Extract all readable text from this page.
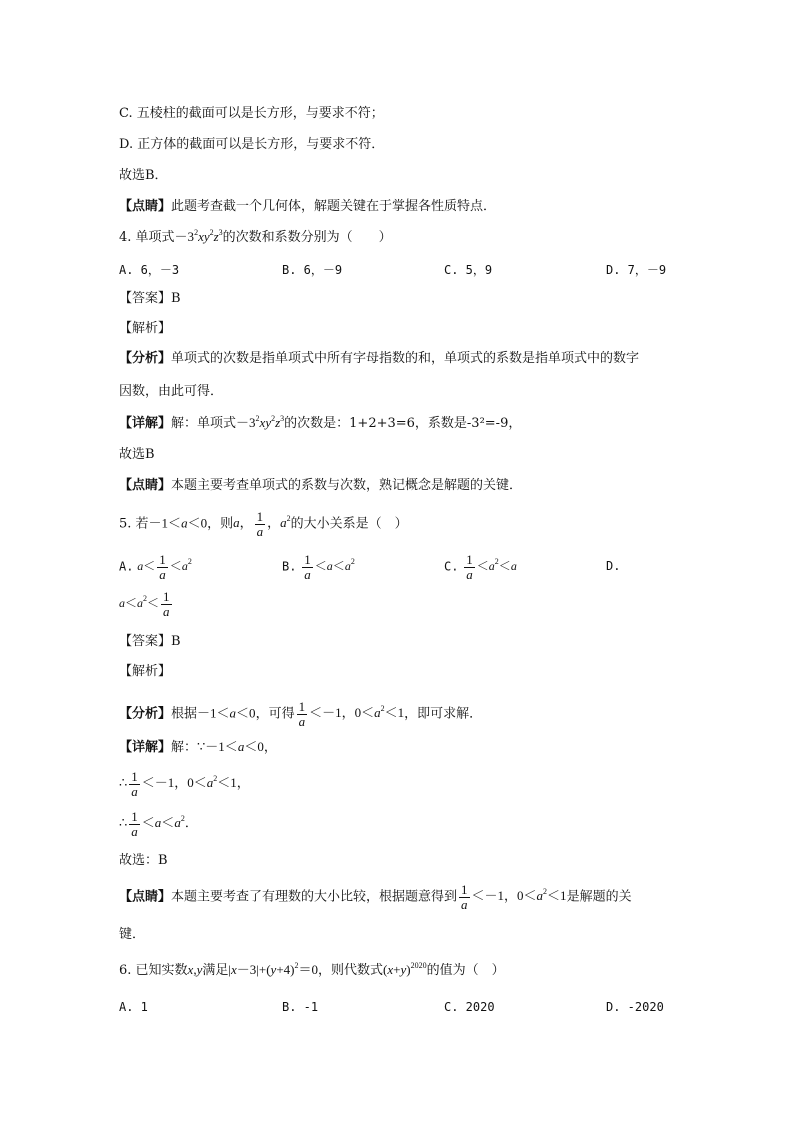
C. 五棱柱的截面可以是长方形，与要求不符；
D. 正方体的截面可以是长方形，与要求不符．
故选B．
【点睛】此题考查截一个几何体，解题关键在于掌握各性质特点．
4. 单项式$-3^2xy^2z^3$的次数和系数分别为（　　）
A. 6，－3	B. 6，－9	C. 5，9	D. 7，－9
【答案】B
【解析】
【分析】单项式的次数是指单项式中所有字母指数的和，单项式的系数是指单项式中的数字
因数，由此可得．
【详解】解：单项式$-3^2xy^2z^3$的次数是：1+2+3=6，系数是-3²=-9，
故选B
【点睛】本题主要考查单项式的系数与次数，熟记概念是解题的关键．
5. 若－1＜a＜0，则a， $\frac{1}{a}$ ，$a^2$的大小关系是（　）
A. $a< \frac{1}{a} <a^2$	B. $\frac{1}{a} <a<a^2$	C. $\frac{1}{a} <a^2<a$	D.
$a<a^2< \frac{1}{a}$
【答案】B
【解析】
【分析】根据－1＜a＜0，可得 $\frac{1}{a} <-1$，$0<a^2<1$，即可求解．
【详解】解：∵－1＜a＜0，
∴ $\frac{1}{a} <-1$，$0<a^2<1$，
∴ $\frac{1}{a} <a<a^2$．
故选：B
【点睛】本题主要考查了有理数的大小比较，根据题意得到 $\frac{1}{a} <-1$，$0<a^2<1$是解题的关
键．
6. 已知实数x,y满足$|x-3|+(y+4)^2=0$，则代数式$(x+y)^{2020}$的值为（　）
A. 1	B. -1	C. 2020	D. -2020
